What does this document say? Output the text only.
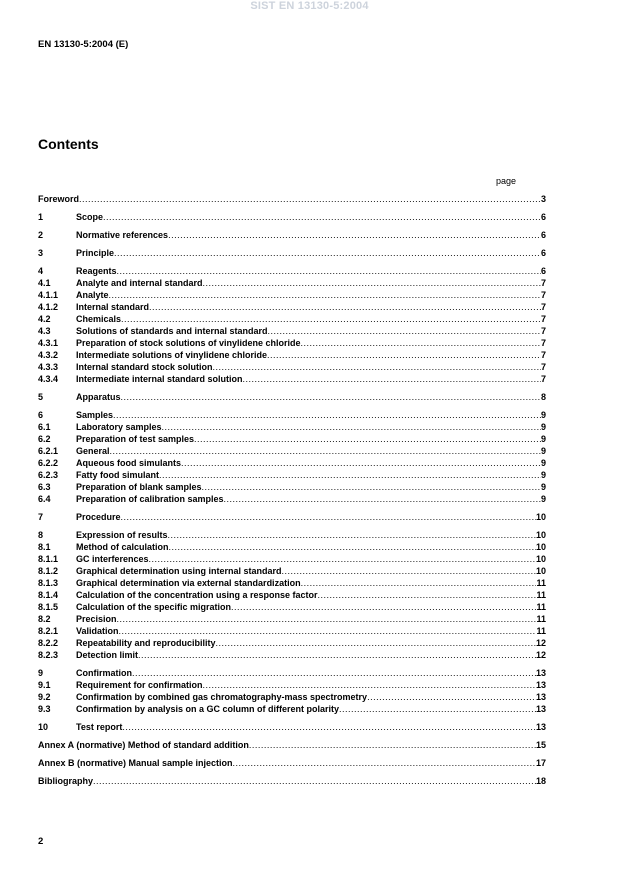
SIST EN 13130-5:2004
EN 13130-5:2004 (E)
Contents
page
Foreword .....	3
1	Scope .....	6
2	Normative references .....	6
3	Principle .....	6
4	Reagents .....	6
4.1	Analyte and internal standard .....	7
4.1.1	Analyte .....	7
4.1.2	Internal standard .....	7
4.2	Chemicals .....	7
4.3	Solutions of standards and internal standard .....	7
4.3.1	Preparation of stock solutions of vinylidene chloride .....	7
4.3.2	Intermediate solutions of vinylidene chloride .....	7
4.3.3	Internal standard stock solution .....	7
4.3.4	Intermediate internal standard solution .....	7
5	Apparatus .....	8
6	Samples .....	9
6.1	Laboratory samples .....	9
6.2	Preparation of test samples .....	9
6.2.1	General .....	9
6.2.2	Aqueous food simulants .....	9
6.2.3	Fatty food simulant .....	9
6.3	Preparation of blank samples .....	9
6.4	Preparation of calibration samples .....	9
7	Procedure .....	10
8	Expression of results .....	10
8.1	Method of calculation .....	10
8.1.1	GC interferences .....	10
8.1.2	Graphical determination using internal standard .....	10
8.1.3	Graphical determination via external standardization .....	11
8.1.4	Calculation of the concentration using a response factor .....	11
8.1.5	Calculation of the specific migration .....	11
8.2	Precision .....	11
8.2.1	Validation .....	11
8.2.2	Repeatability and reproducibility .....	12
8.2.3	Detection limit .....	12
9	Confirmation .....	13
9.1	Requirement for confirmation .....	13
9.2	Confirmation by combined gas chromatography-mass spectrometry .....	13
9.3	Confirmation by analysis on a GC column of different polarity .....	13
10	Test report .....	13
Annex A (normative) Method of standard addition .....	15
Annex B (normative) Manual sample injection .....	17
Bibliography .....	18
2
